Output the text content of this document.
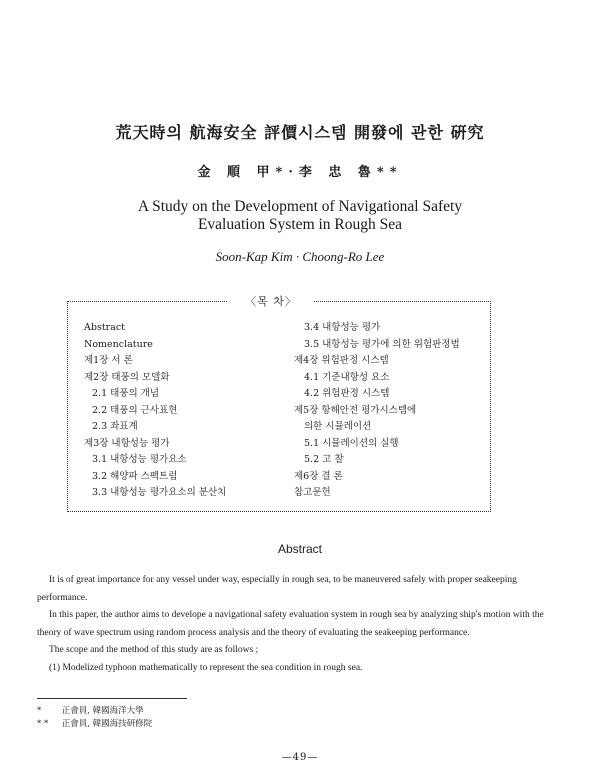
荒天時의 航海安全 評價시스템 開發에 관한 硏究
金 順 甲*·李 忠 魯**
A Study on the Development of Navigational Safety
Evaluation System in Rough Sea
Soon-Kap Kim · Choong-Ro Lee
〈목 차〉
Abstract
Nomenclature
제1장 서 론
제2장 태풍의 모델화
2.1 태풍의 개념
2.2 태풍의 근사표현
2.3 좌표계
제3장 내항성능 평가
3.1 내항성능 평가요소
3.2 해양파 스펙트럼
3.3 내항성능 평가요소의 분산치
3.4 내항성능 평가
3.5 내항성능 평가에 의한 위험판정법
제4장 위험판정 시스템
4.1 기준내항성 요소
4.2 위험판정 시스템
제5장 항해안전 평가시스템에
의한 시뮬레이션
5.1 시뮬레이션의 실행
5.2 고 찰
제6장 결 론
참고문헌
Abstract

It is of great importance for any vessel under way, especially in rough sea, to be maneuvered safely with proper seakeeping performance.

In this paper, the author aims to develope a navigational safety evaluation system in rough sea by analyzing ship's motion with the theory of wave spectrum using random process analysis and the theory of evaluating the seakeeping performance.

The scope and the method of this study are as follows ;

(1) Modelized typhoon mathematically to represent the sea condition in rough sea.

* 正會員, 韓國海洋大學
* * 正會員, 韓國海技研修院
—49—
